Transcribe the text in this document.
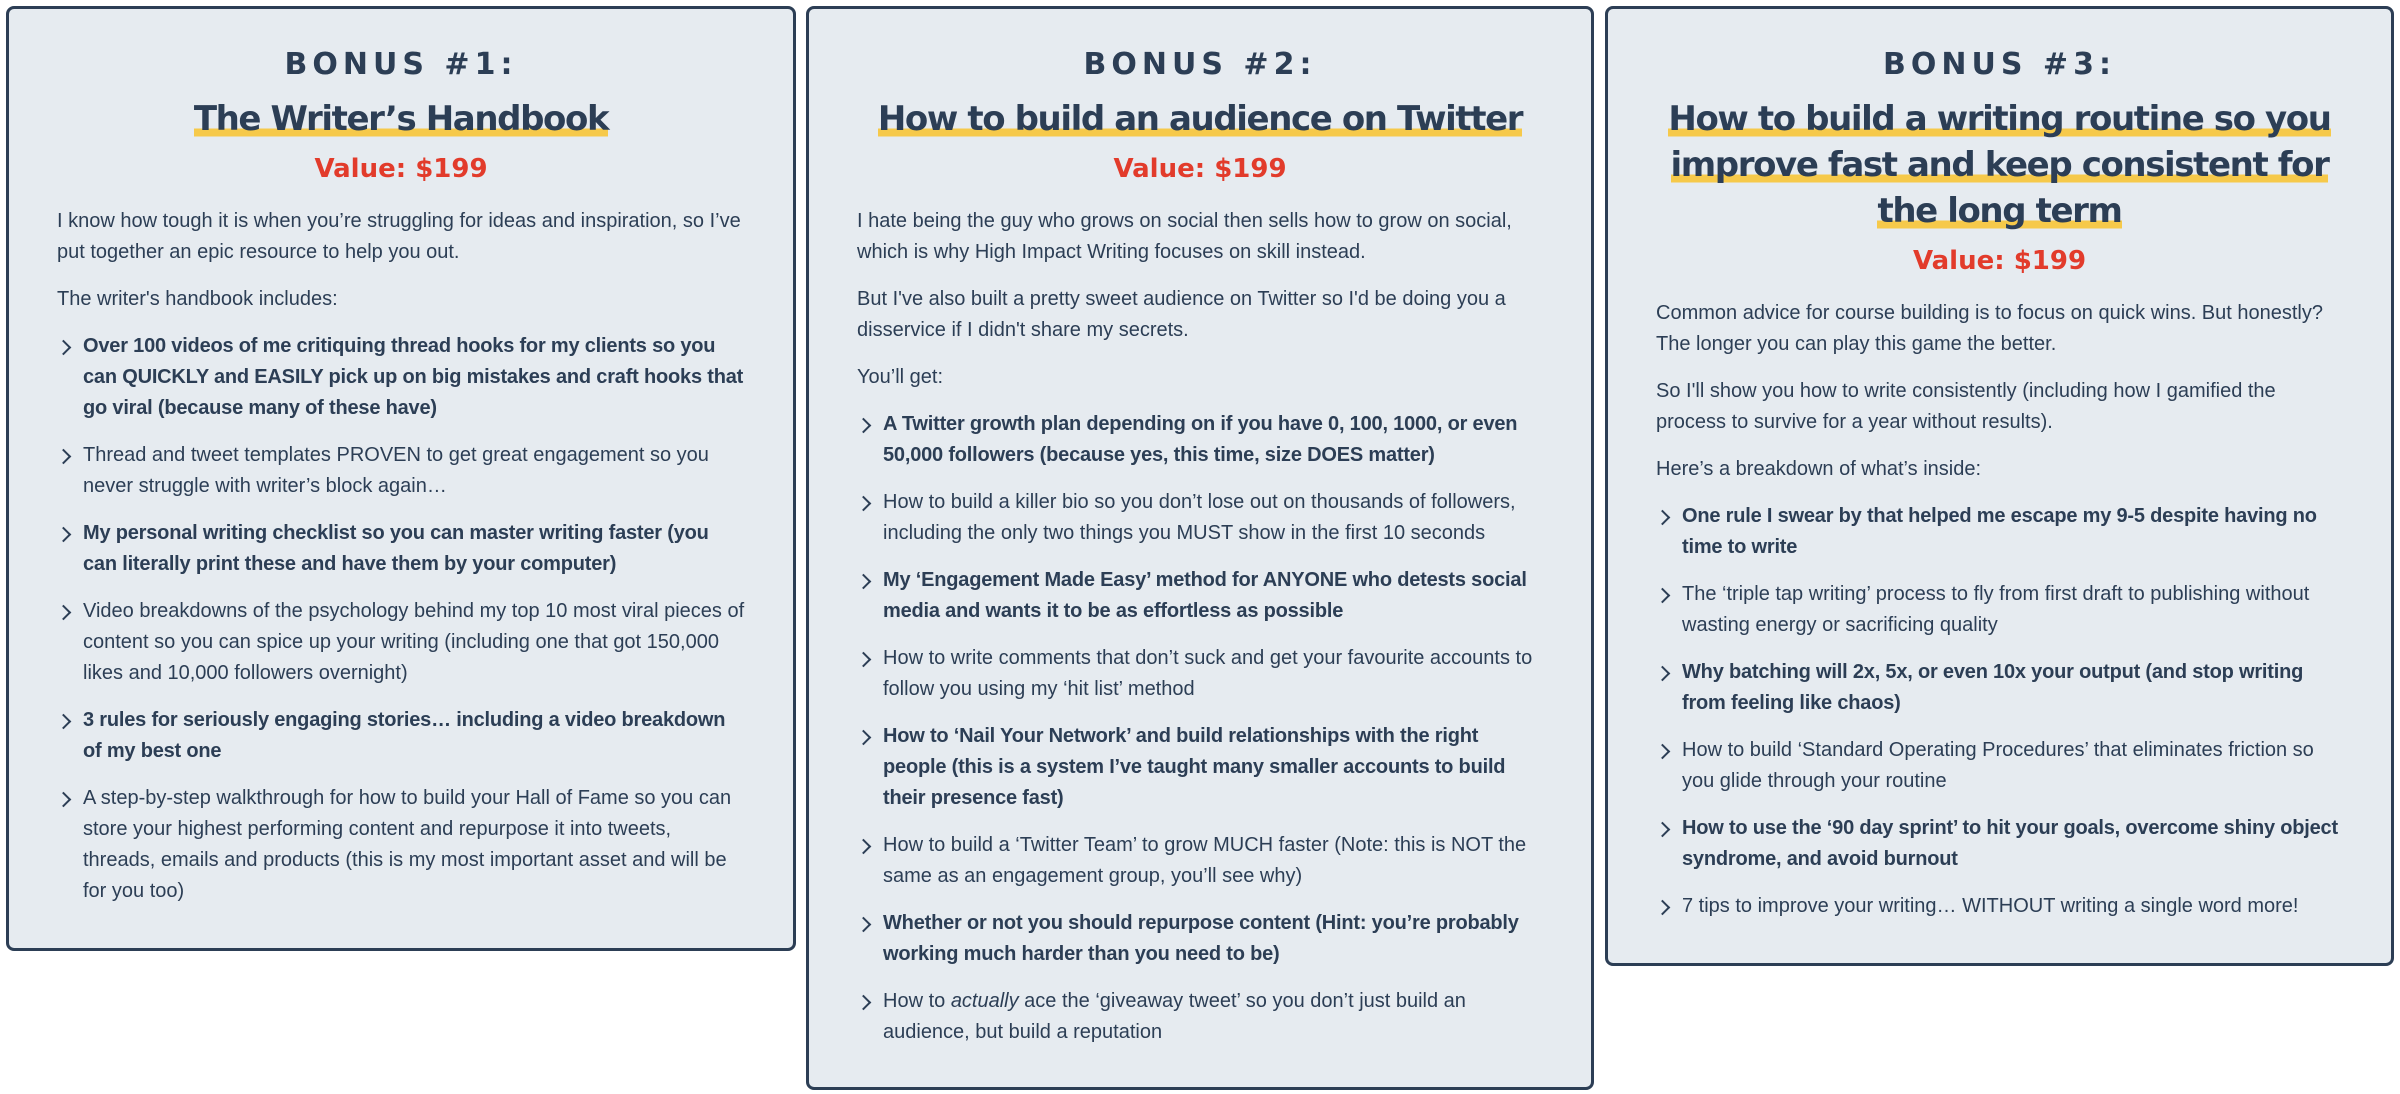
BONUS #1:
The Writer’s Handbook
Value: $199

I know how tough it is when you’re struggling for ideas and inspiration, so I’ve put together an epic resource to help you out.

The writer's handbook includes:

Over 100 videos of me critiquing thread hooks for my clients so you can QUICKLY and EASILY pick up on big mistakes and craft hooks that go viral (because many of these have)
Thread and tweet templates PROVEN to get great engagement so you never struggle with writer’s block again…
My personal writing checklist so you can master writing faster (you can literally print these and have them by your computer)
Video breakdowns of the psychology behind my top 10 most viral pieces of content so you can spice up your writing (including one that got 150,000 likes and 10,000 followers overnight)
3 rules for seriously engaging stories… including a video breakdown of my best one
A step-by-step walkthrough for how to build your Hall of Fame so you can store your highest performing content and repurpose it into tweets, threads, emails and products (this is my most important asset and will be for you too)
BONUS #2:
How to build an audience on Twitter
Value: $199

I hate being the guy who grows on social then sells how to grow on social, which is why High Impact Writing focuses on skill instead.

But I've also built a pretty sweet audience on Twitter so I'd be doing you a disservice if I didn't share my secrets.

You’ll get:

A Twitter growth plan depending on if you have 0, 100, 1000, or even 50,000 followers (because yes, this time, size DOES matter)
How to build a killer bio so you don’t lose out on thousands of followers, including the only two things you MUST show in the first 10 seconds
My ‘Engagement Made Easy’ method for ANYONE who detests social media and wants it to be as effortless as possible
How to write comments that don’t suck and get your favourite accounts to follow you using my ‘hit list’ method
How to ‘Nail Your Network’ and build relationships with the right people (this is a system I’ve taught many smaller accounts to build their presence fast)
How to build a ‘Twitter Team’ to grow MUCH faster (Note: this is NOT the same as an engagement group, you’ll see why)
Whether or not you should repurpose content (Hint: you’re probably working much harder than you need to be)
How to actually ace the ‘giveaway tweet’ so you don’t just build an audience, but build a reputation
BONUS #3:
How to build a writing routine so you improve fast and keep consistent for the long term
Value: $199

Common advice for course building is to focus on quick wins. But honestly? The longer you can play this game the better.

So I'll show you how to write consistently (including how I gamified the process to survive for a year without results).

Here’s a breakdown of what’s inside:

One rule I swear by that helped me escape my 9-5 despite having no time to write
The ‘triple tap writing’ process to fly from first draft to publishing without wasting energy or sacrificing quality
Why batching will 2x, 5x, or even 10x your output (and stop writing from feeling like chaos)
How to build ‘Standard Operating Procedures’ that eliminates friction so you glide through your routine
How to use the ‘90 day sprint’ to hit your goals, overcome shiny object syndrome, and avoid burnout
7 tips to improve your writing… WITHOUT writing a single word more!
